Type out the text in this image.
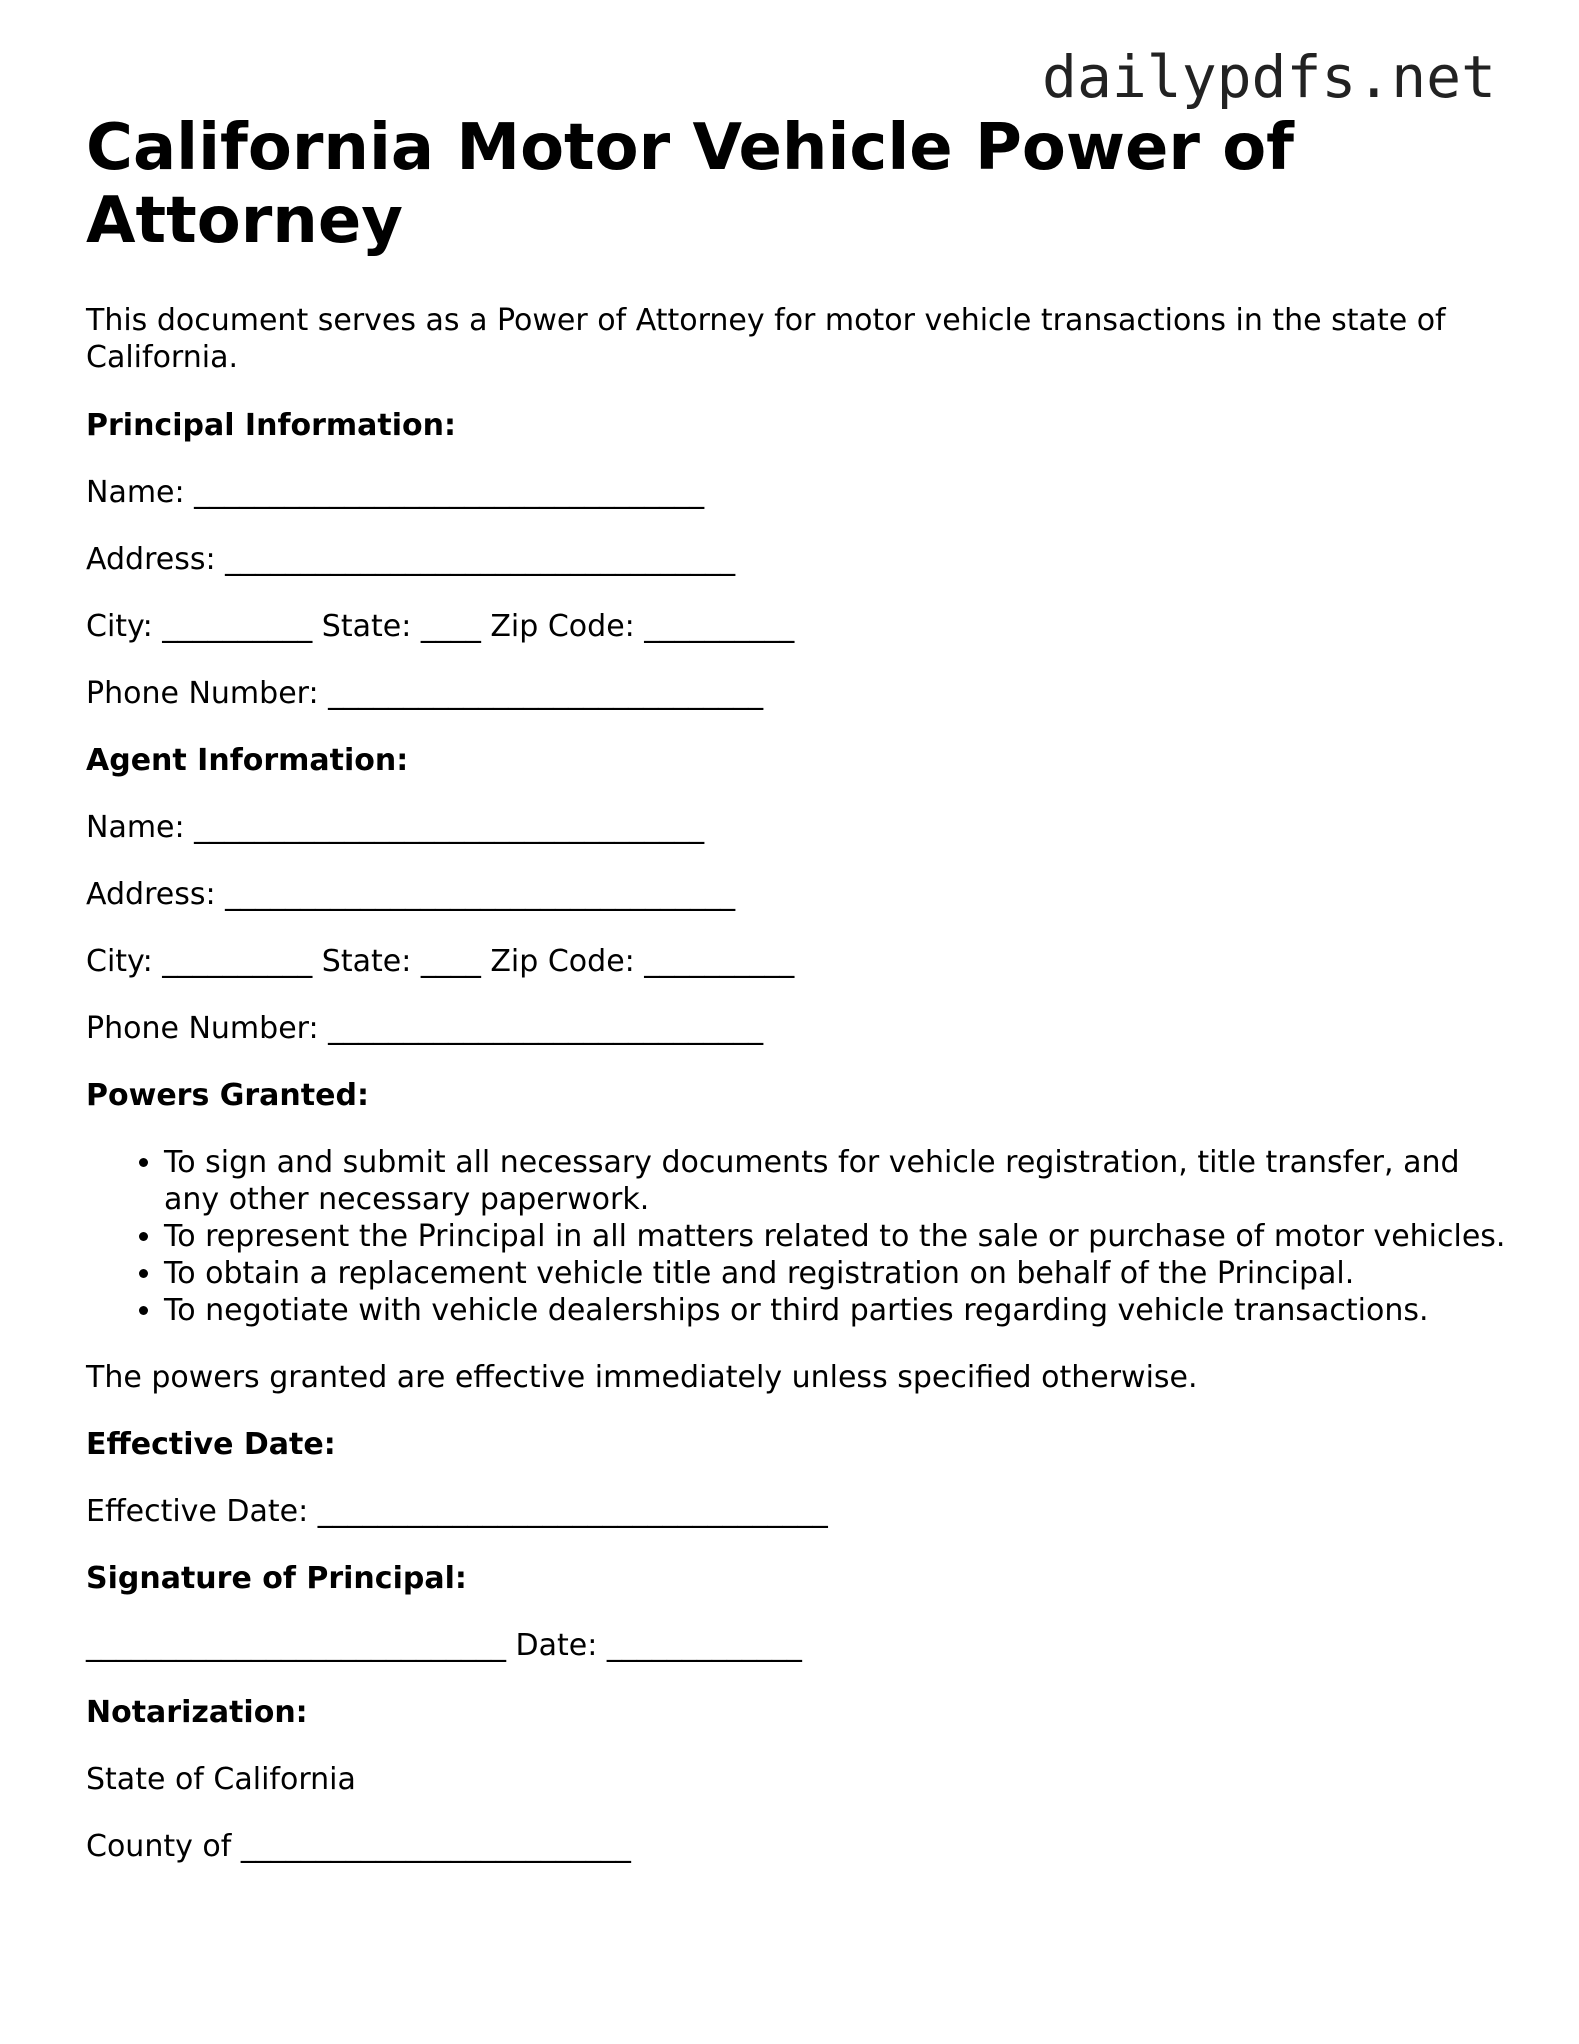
dailypdfs.net
California Motor Vehicle Power of Attorney

This document serves as a Power of Attorney for motor vehicle transactions in the state of California.

Principal Information:
Name: __________________________________
Address: __________________________________
City: __________ State: ____ Zip Code: __________
Phone Number: _____________________________
Agent Information:
Name: __________________________________
Address: __________________________________
City: __________ State: ____ Zip Code: __________
Phone Number: _____________________________
Powers Granted:
• To sign and submit all necessary documents for vehicle registration, title transfer, and any other necessary paperwork.
• To represent the Principal in all matters related to the sale or purchase of motor vehicles.
• To obtain a replacement vehicle title and registration on behalf of the Principal.
• To negotiate with vehicle dealerships or third parties regarding vehicle transactions.

The powers granted are effective immediately unless specified otherwise.

Effective Date:
Effective Date: __________________________________
Signature of Principal:
____________________________ Date: _____________
Notarization:
State of California
County of __________________________
